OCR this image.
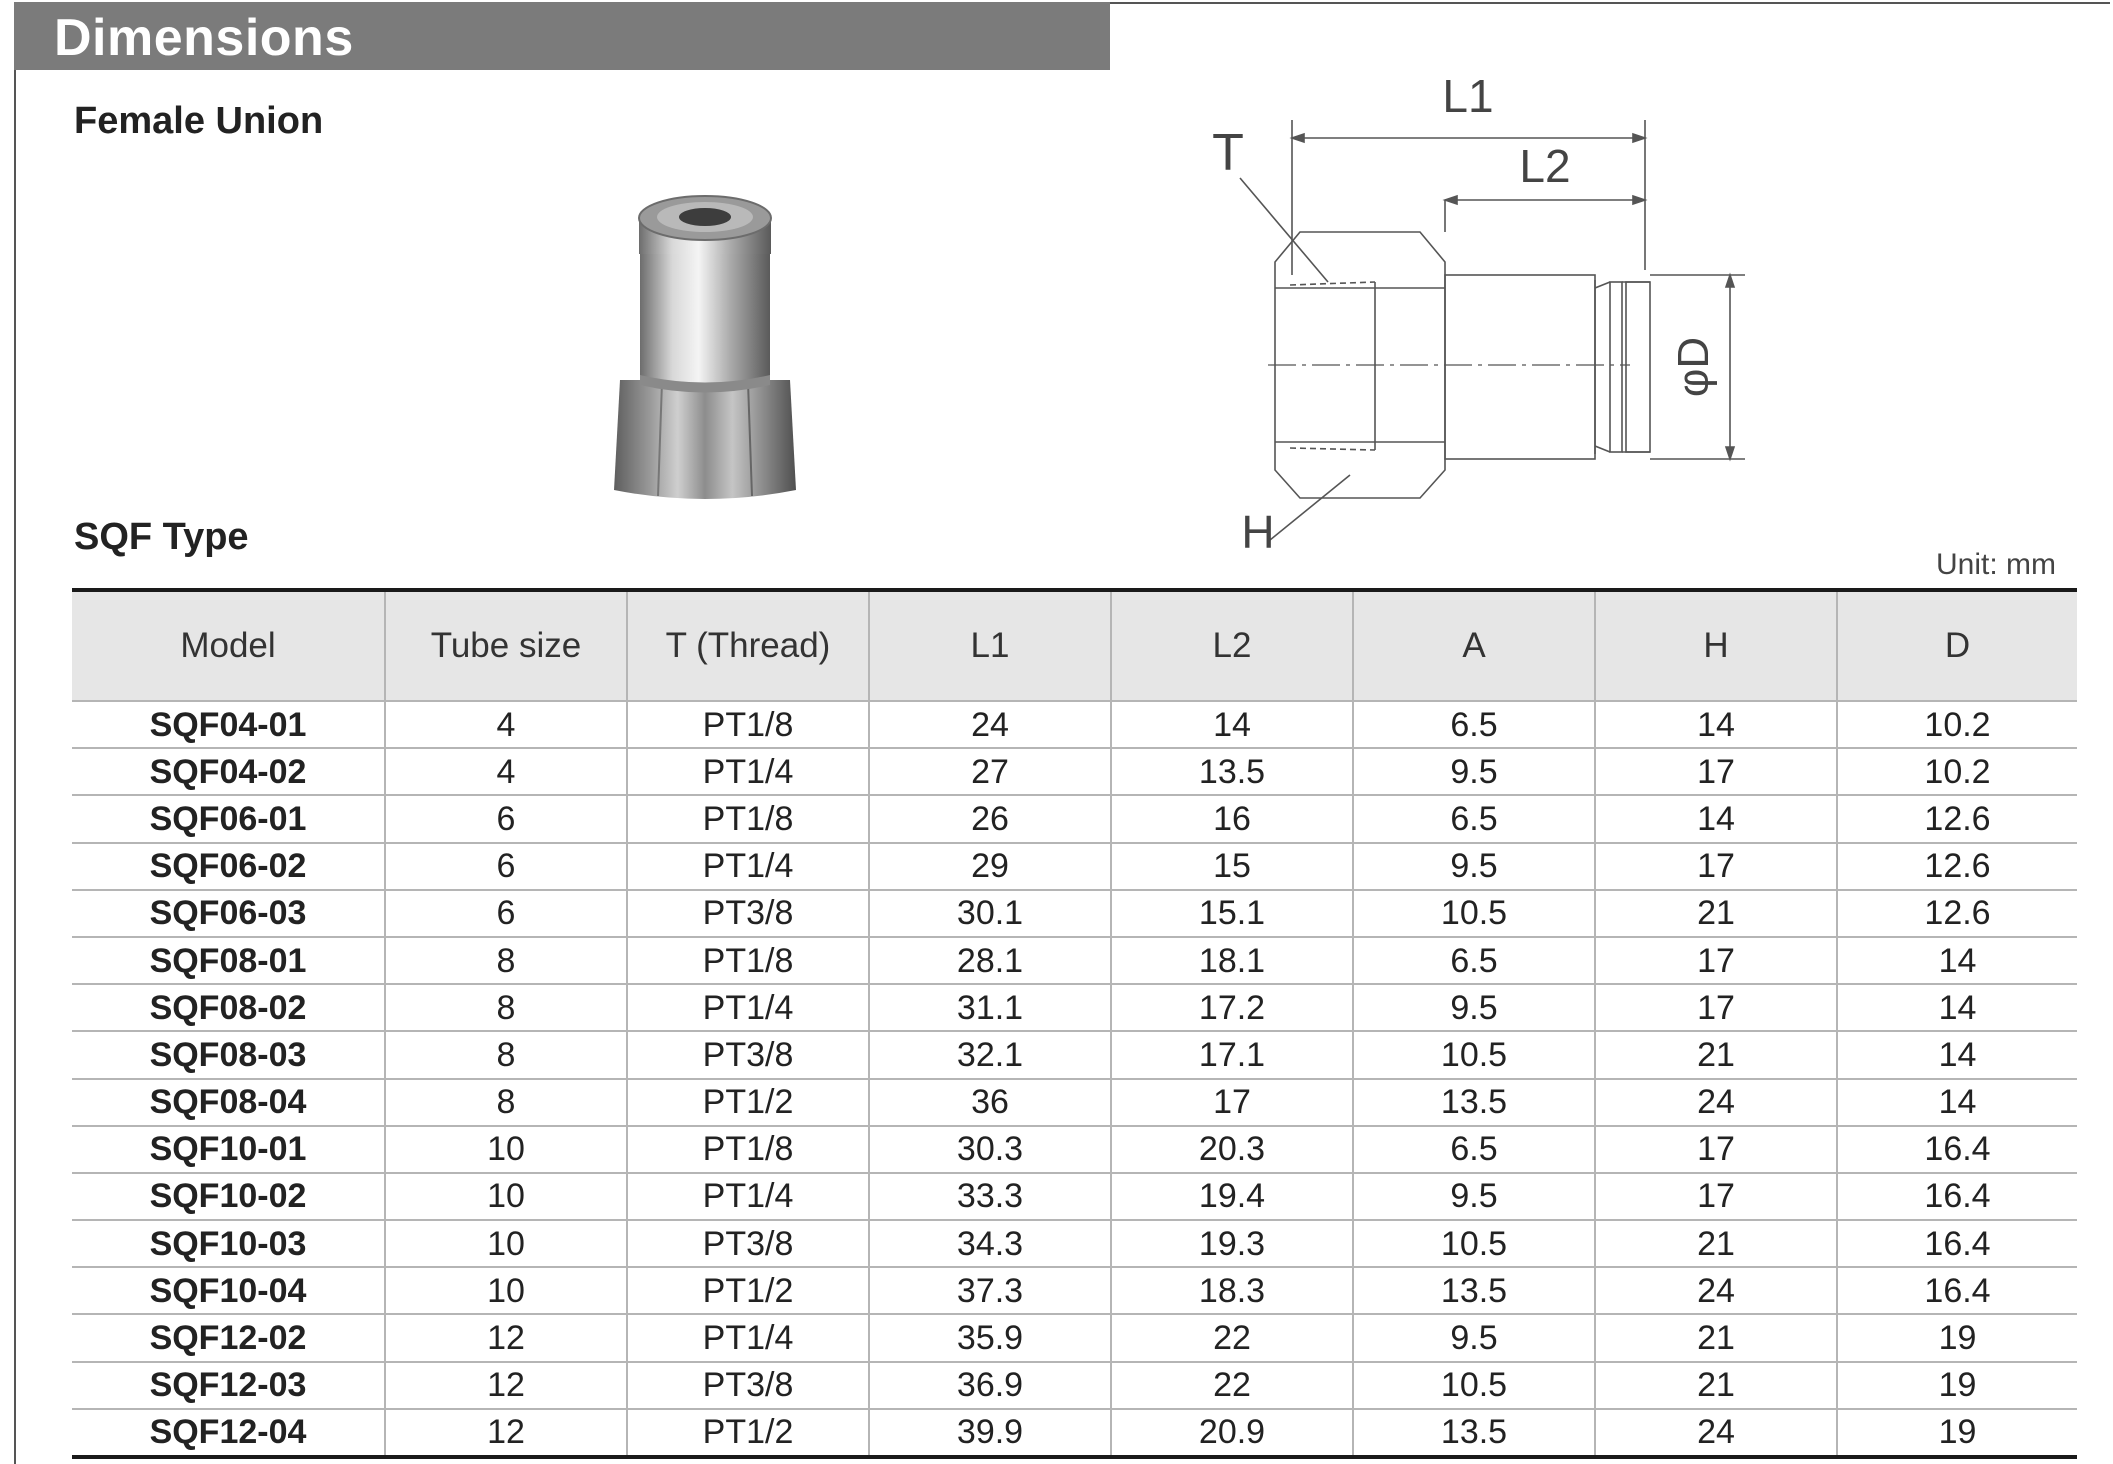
Dimensions
Female Union	L1
L2
T
H
φD
SQF Type
Unit: mm
Model	Tube size	T (Thread)	L1	L2	A	H	D
SQF04-01	4	PT1/8	24	14	6.5	14	10.2
SQF04-02	4	PT1/4	27	13.5	9.5	17	10.2
SQF06-01	6	PT1/8	26	16	6.5	14	12.6
SQF06-02	6	PT1/4	29	15	9.5	17	12.6
SQF06-03	6	PT3/8	30.1	15.1	10.5	21	12.6
SQF08-01	8	PT1/8	28.1	18.1	6.5	17	14
SQF08-02	8	PT1/4	31.1	17.2	9.5	17	14
SQF08-03	8	PT3/8	32.1	17.1	10.5	21	14
SQF08-04	8	PT1/2	36	17	13.5	24	14
SQF10-01	10	PT1/8	30.3	20.3	6.5	17	16.4
SQF10-02	10	PT1/4	33.3	19.4	9.5	17	16.4
SQF10-03	10	PT3/8	34.3	19.3	10.5	21	16.4
SQF10-04	10	PT1/2	37.3	18.3	13.5	24	16.4
SQF12-02	12	PT1/4	35.9	22	9.5	21	19
SQF12-03	12	PT3/8	36.9	22	10.5	21	19
SQF12-04	12	PT1/2	39.9	20.9	13.5	24	19
